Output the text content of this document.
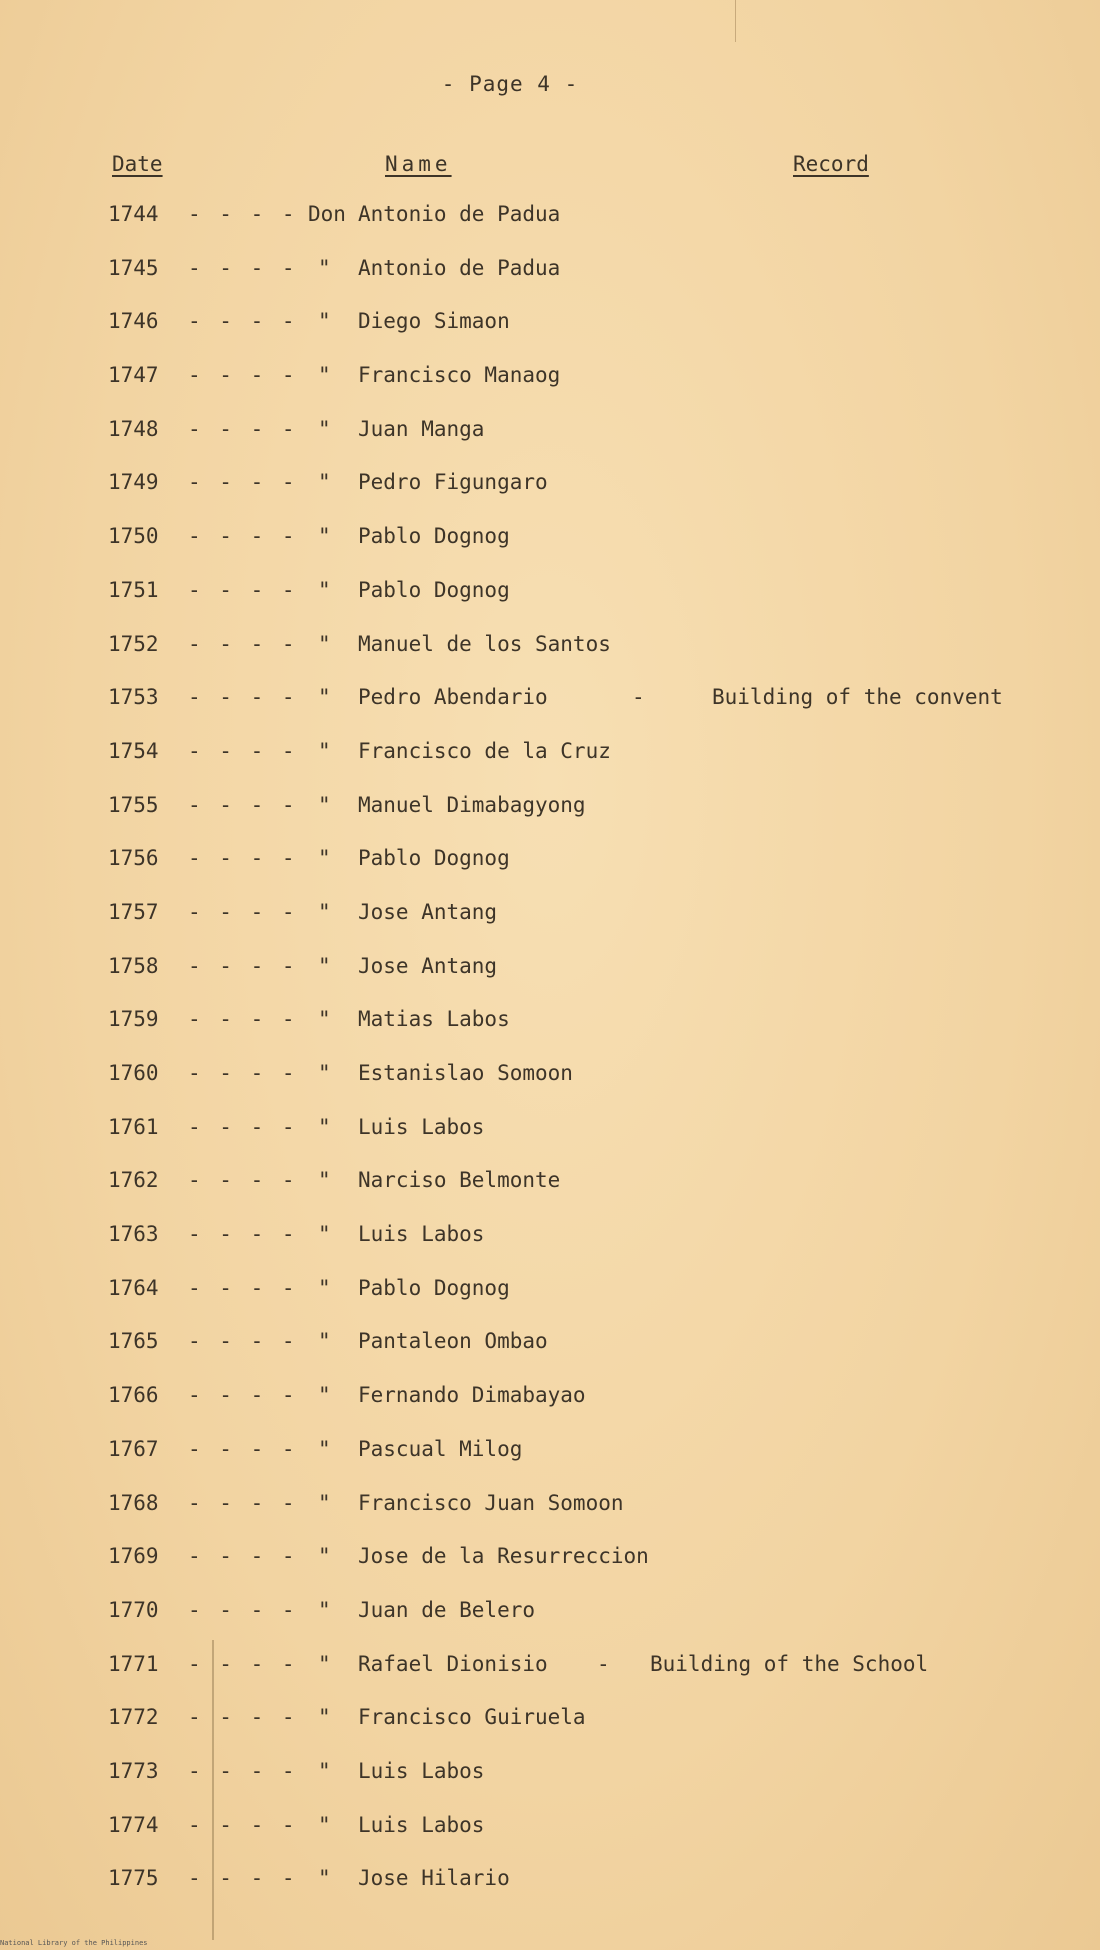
- Page 4 -
Date	Name	Record
1744 - - - - Don Antonio de Padua
1745 - - - - " Antonio de Padua
1746 - - - - " Diego Simaon
1747 - - - - " Francisco Manaog
1748 - - - - " Juan Manga
1749 - - - - " Pedro Figungaro
1750 - - - - " Pablo Dognog
1751 - - - - " Pablo Dognog
1752 - - - - " Manuel de los Santos
1753 - - - - " Pedro Abendario	-	Building of the convent
1754 - - - - " Francisco de la Cruz
1755 - - - - " Manuel Dimabagyong
1756 - - - - " Pablo Dognog
1757 - - - - " Jose Antang
1758 - - - - " Jose Antang
1759 - - - - " Matias Labos
1760 - - - - " Estanislao Somoon
1761 - - - - " Luis Labos
1762 - - - - " Narciso Belmonte
1763 - - - - " Luis Labos
1764 - - - - " Pablo Dognog
1765 - - - - " Pantaleon Ombao
1766 - - - - " Fernando Dimabayao
1767 - - - - " Pascual Milog
1768 - - - - " Francisco Juan Somoon
1769 - - - - " Jose de la Resurreccion
1770 - - - - " Juan de Belero
1771 - - - - " Rafael Dionisio - Building of the School
1772 - - - - " Francisco Guiruela
1773 - - - - " Luis Labos
1774 - - - - " Luis Labos
1775 - - - - " Jose Hilario
National Library of the Philippines
